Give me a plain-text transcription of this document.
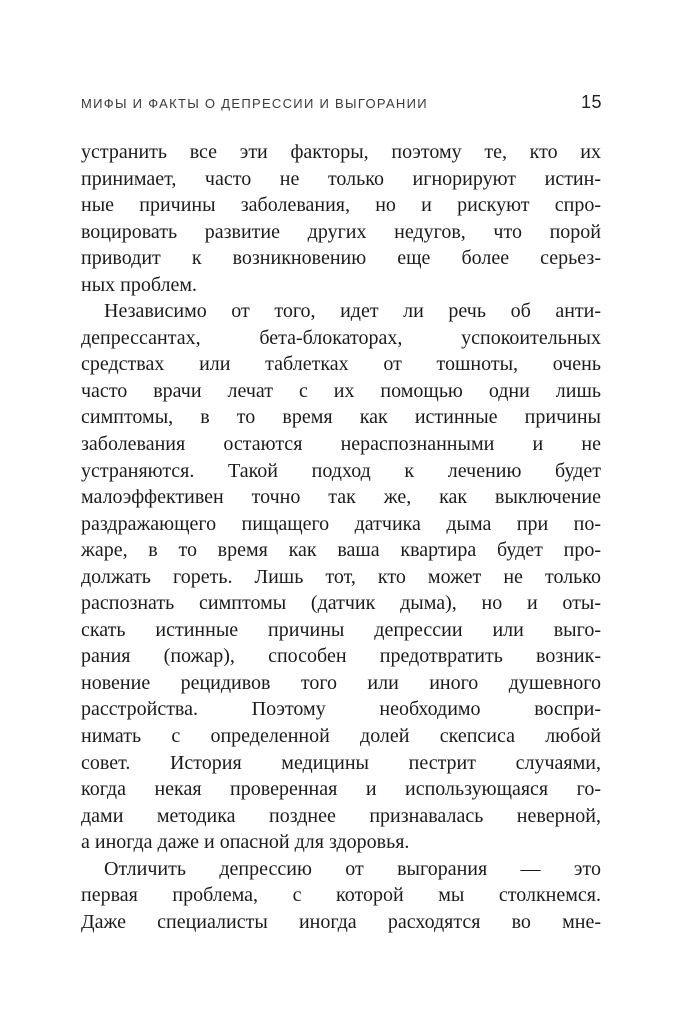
МИФЫ И ФАКТЫ О ДЕПРЕССИИ И ВЫГОРАНИИ	15
устранить все эти факторы, поэтому те, кто их
принимает, часто не только игнорируют истин-
ные причины заболевания, но и рискуют спро-
воцировать развитие других недугов, что порой
приводит к возникновению еще более серьез-
ных проблем.
Независимо от того, идет ли речь об анти-
депрессантах, бета-блокаторах, успокоительных
средствах или таблетках от тошноты, очень
часто врачи лечат с их помощью одни лишь
симптомы, в то время как истинные причины
заболевания остаются нераспознанными и не
устраняются. Такой подход к лечению будет
малоэффективен точно так же, как выключение
раздражающего пищащего датчика дыма при по-
жаре, в то время как ваша квартира будет про-
должать гореть. Лишь тот, кто может не только
распознать симптомы (датчик дыма), но и оты-
скать истинные причины депрессии или выго-
рания (пожар), способен предотвратить возник-
новение рецидивов того или иного душевного
расстройства. Поэтому необходимо воспри-
нимать с определенной долей скепсиса любой
совет. История медицины пестрит случаями,
когда некая проверенная и использующаяся го-
дами методика позднее признавалась неверной,
а иногда даже и опасной для здоровья.
Отличить депрессию от выгорания — это
первая проблема, с которой мы столкнемся.
Даже специалисты иногда расходятся во мне-
